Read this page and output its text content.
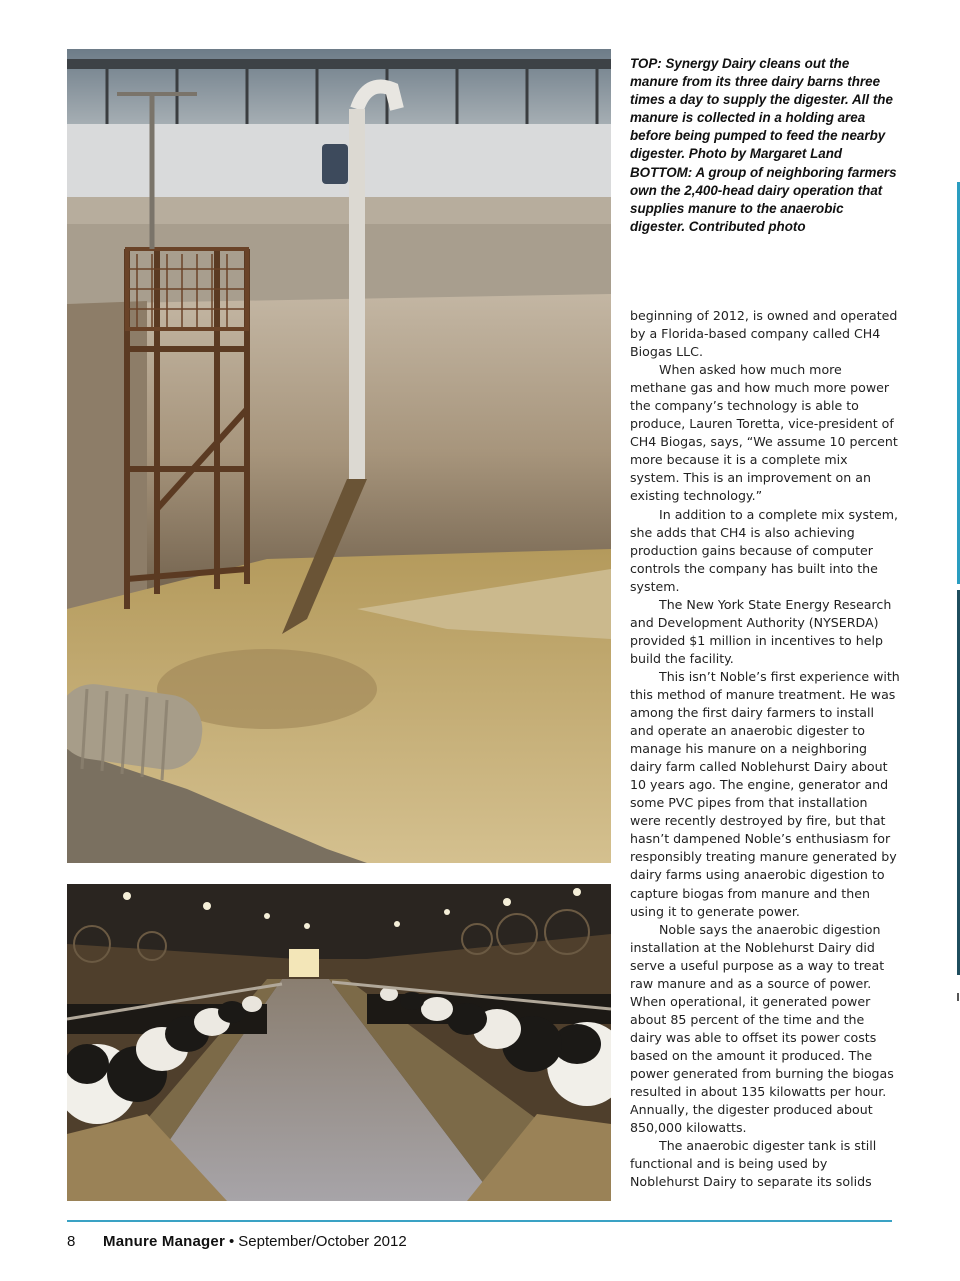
TOP: Synergy Dairy cleans out the manure from its three dairy barns three times a day to supply the digester. All the manure is collected in a holding area before being pumped to feed the nearby digester. Photo by Margaret Land

BOTTOM: A group of neighboring farmers own the 2,400-head dairy operation that supplies manure to the anaerobic digester. Contributed photo

beginning of 2012, is owned and operated by a Florida-based company called CH4 Biogas LLC.

When asked how much more methane gas and how much more power the company’s technology is able to produce, Lauren Toretta, vice-president of CH4 Biogas, says, “We assume 10 percent more because it is a complete mix system. This is an improvement on an existing technology.”

In addition to a complete mix system, she adds that CH4 is also achieving production gains because of computer controls the company has built into the system.

The New York State Energy Research and Development Authority (NYSERDA) provided $1 million in incentives to help build the facility.

This isn’t Noble’s first experience with this method of manure treatment. He was among the first dairy farmers to install and operate an anaerobic digester to manage his manure on a neighboring dairy farm called Noblehurst Dairy about 10 years ago. The engine, generator and some PVC pipes from that installation were recently destroyed by fire, but that hasn’t dampened Noble’s enthusiasm for responsibly treating manure generated by dairy farms using anaerobic digestion to capture biogas from manure and then using it to generate power.

Noble says the anaerobic digestion installation at the Noblehurst Dairy did serve a useful purpose as a way to treat raw manure and as a source of power. When operational, it generated power about 85 percent of the time and the dairy was able to offset its power costs based on the amount it produced. The power generated from burning the biogas resulted in about 135 kilowatts per hour. Annually, the digester produced about 850,000 kilowatts.

The anaerobic digester tank is still functional and is being used by Noblehurst Dairy to separate its solids

8 Manure Manager • September/October 2012
